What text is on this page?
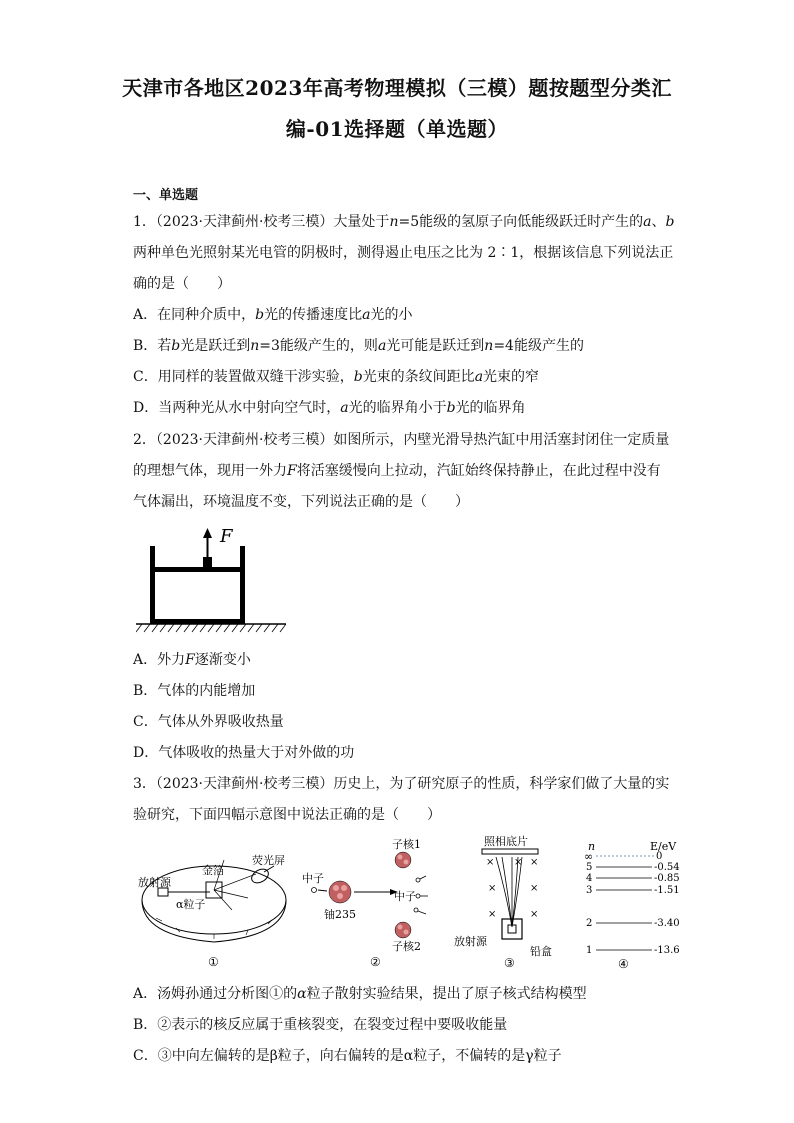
天津市各地区2023年高考物理模拟（三模）题按题型分类汇
编-01选择题（单选题）
一、单选题
1．（2023·天津蓟州·校考三模）大量处于n=5能级的氢原子向低能级跃迁时产生的a、b
两种单色光照射某光电管的阴极时，测得遏止电压之比为 2∶1，根据该信息下列说法正
确的是（　　）
A．在同种介质中，b光的传播速度比a光的小
B．若b光是跃迁到n=3能级产生的，则a光可能是跃迁到n=4能级产生的
C．用同样的装置做双缝干涉实验，b光束的条纹间距比a光束的窄
D．当两种光从水中射向空气时，a光的临界角小于b光的临界角
2．（2023·天津蓟州·校考三模）如图所示，内壁光滑导热汽缸中用活塞封闭住一定质量
的理想气体，现用一外力F将活塞缓慢向上拉动，汽缸始终保持静止，在此过程中没有
气体漏出，环境温度不变，下列说法正确的是（　　）
F
A．外力F逐渐变小
B．气体的内能增加
C．气体从外界吸收热量
D．气体吸收的热量大于对外做的功
3．（2023·天津蓟州·校考三模）历史上，为了研究原子的性质，科学家们做了大量的实
验研究，下面四幅示意图中说法正确的是（　　）
放射源
金箔
荧光屏
α粒子
①
中子
铀235
子核1
中子
子核2
②
照相底片
× × ×
×	×
×	×
放射源
铅盒
③
n	E/eV
∞	0
5	-0.54
4	-0.85
3	-1.51
2	-3.40
1	-13.6
④
A．汤姆孙通过分析图①的α粒子散射实验结果，提出了原子核式结构模型
B．②表示的核反应属于重核裂变，在裂变过程中要吸收能量
C．③中向左偏转的是β粒子，向右偏转的是α粒子，不偏转的是γ粒子
